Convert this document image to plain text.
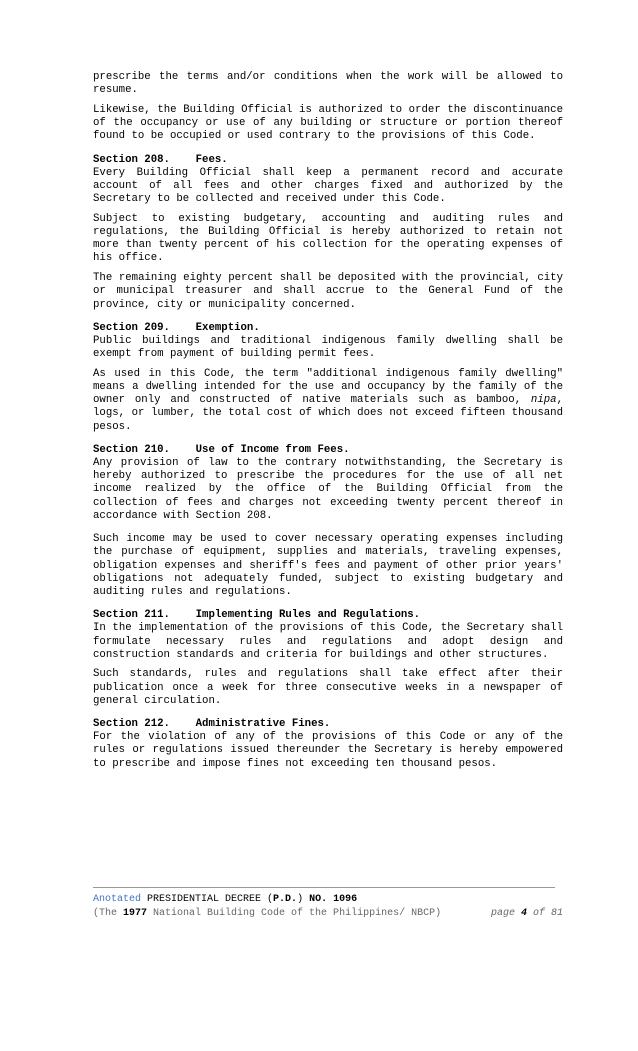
prescribe the terms and/or conditions when the work will be allowed to resume.

Likewise, the Building Official is authorized to order the discontinuance of the occupancy or use of any building or structure or portion thereof found to be occupied or used contrary to the provisions of this Code.

Section 208. Fees.

Every Building Official shall keep a permanent record and accurate account of all fees and other charges fixed and authorized by the Secretary to be collected and received under this Code.

Subject to existing budgetary, accounting and auditing rules and regulations, the Building Official is hereby authorized to retain not more than twenty percent of his collection for the operating expenses of his office.

The remaining eighty percent shall be deposited with the provincial, city or municipal treasurer and shall accrue to the General Fund of the province, city or municipality concerned.

Section 209. Exemption.

Public buildings and traditional indigenous family dwelling shall be exempt from payment of building permit fees.

As used in this Code, the term "additional indigenous family dwelling" means a dwelling intended for the use and occupancy by the family of the owner only and constructed of native materials such as bamboo, nipa, logs, or lumber, the total cost of which does not exceed fifteen thousand pesos.

Section 210. Use of Income from Fees.

Any provision of law to the contrary notwithstanding, the Secretary is hereby authorized to prescribe the procedures for the use of all net income realized by the office of the Building Official from the collection of fees and charges not exceeding twenty percent thereof in accordance with Section 208.

Such income may be used to cover necessary operating expenses including the purchase of equipment, supplies and materials, traveling expenses, obligation expenses and sheriff's fees and payment of other prior years' obligations not adequately funded, subject to existing budgetary and auditing rules and regulations.

Section 211. Implementing Rules and Regulations.

In the implementation of the provisions of this Code, the Secretary shall formulate necessary rules and regulations and adopt design and construction standards and criteria for buildings and other structures.

Such standards, rules and regulations shall take effect after their publication once a week for three consecutive weeks in a newspaper of general circulation.

Section 212. Administrative Fines.

For the violation of any of the provisions of this Code or any of the rules or regulations issued thereunder the Secretary is hereby empowered to prescribe and impose fines not exceeding ten thousand pesos.

Anotated PRESIDENTIAL DECREE (P.D.) NO. 1096
(The 1977 National Building Code of the Philippines/ NBCP)	page 4 of 81
